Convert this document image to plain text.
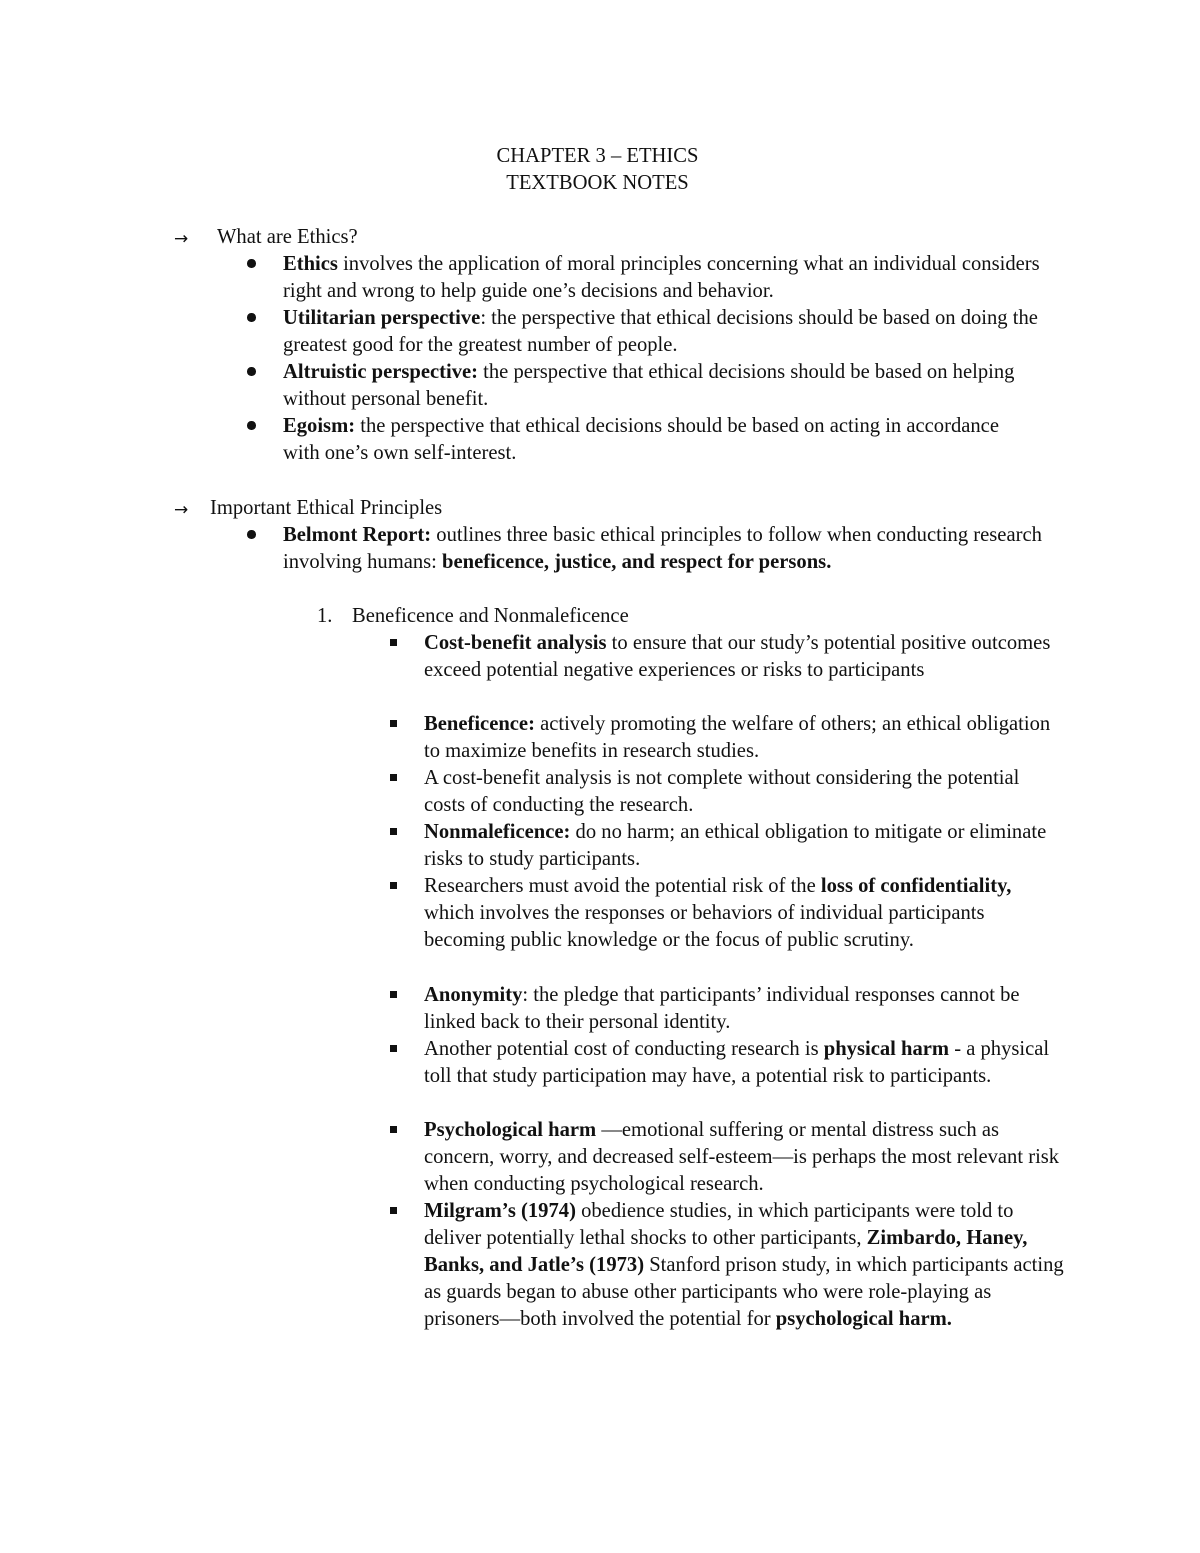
CHAPTER 3 – ETHICS
TEXTBOOK NOTES
→ What are Ethics?
Ethics involves the application of moral principles concerning what an individual considers right and wrong to help guide one’s decisions and behavior.
Utilitarian perspective: the perspective that ethical decisions should be based on doing the greatest good for the greatest number of people.
Altruistic perspective: the perspective that ethical decisions should be based on helping without personal benefit.
Egoism: the perspective that ethical decisions should be based on acting in accordance with one’s own self-interest.
→ Important Ethical Principles
Belmont Report: outlines three basic ethical principles to follow when conducting research involving humans: beneficence, justice, and respect for persons.
1. Beneficence and Nonmaleficence
Cost-benefit analysis to ensure that our study’s potential positive outcomes exceed potential negative experiences or risks to participants
Beneficence: actively promoting the welfare of others; an ethical obligation to maximize benefits in research studies.
A cost-benefit analysis is not complete without considering the potential costs of conducting the research.
Nonmaleficence: do no harm; an ethical obligation to mitigate or eliminate risks to study participants.
Researchers must avoid the potential risk of the loss of confidentiality, which involves the responses or behaviors of individual participants becoming public knowledge or the focus of public scrutiny.
Anonymity: the pledge that participants’ individual responses cannot be linked back to their personal identity.
Another potential cost of conducting research is physical harm - a physical toll that study participation may have, a potential risk to participants.
Psychological harm —emotional suffering or mental distress such as concern, worry, and decreased self-esteem—is perhaps the most relevant risk when conducting psychological research.
Milgram’s (1974) obedience studies, in which participants were told to deliver potentially lethal shocks to other participants, Zimbardo, Haney, Banks, and Jatle’s (1973) Stanford prison study, in which participants acting as guards began to abuse other participants who were role-playing as prisoners—both involved the potential for psychological harm.
